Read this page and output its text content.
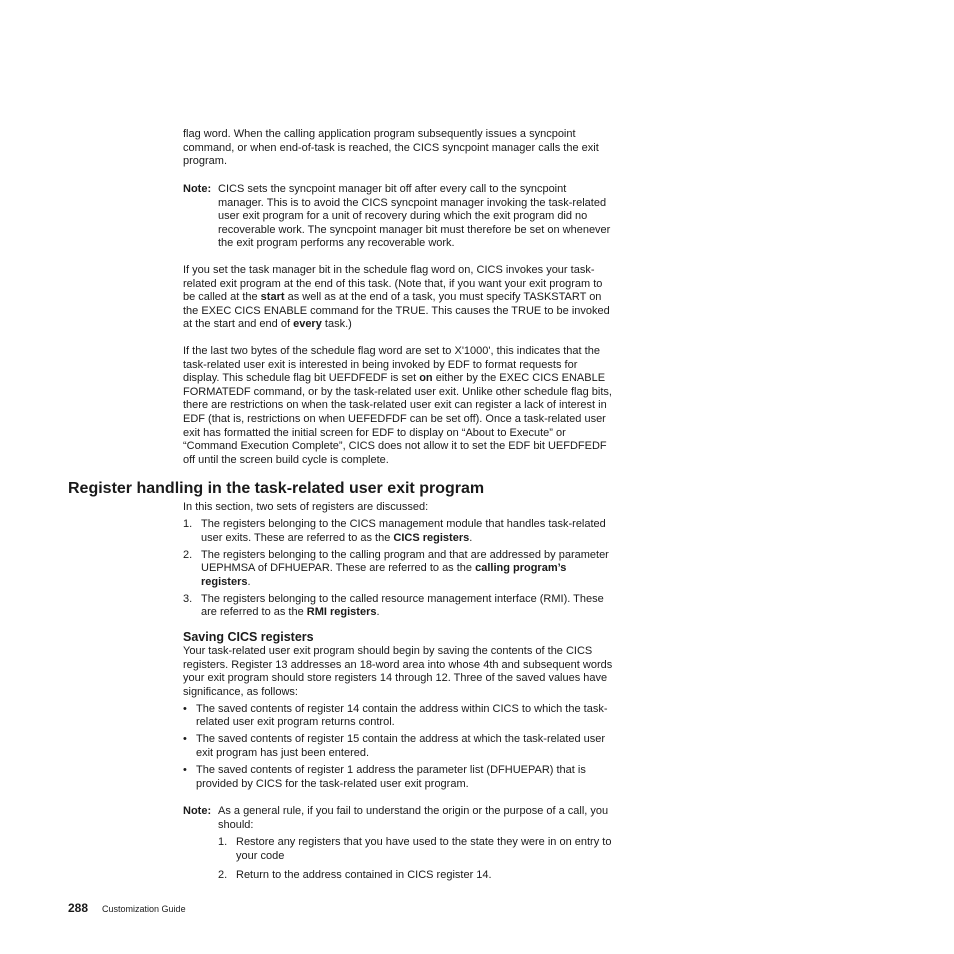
flag word. When the calling application program subsequently issues a syncpoint command, or when end-of-task is reached, the CICS syncpoint manager calls the exit program.

Note: CICS sets the syncpoint manager bit off after every call to the syncpoint manager. This is to avoid the CICS syncpoint manager invoking the task-related user exit program for a unit of recovery during which the exit program did no recoverable work. The syncpoint manager bit must therefore be set on whenever the exit program performs any recoverable work.

If you set the task manager bit in the schedule flag word on, CICS invokes your task-related exit program at the end of this task. (Note that, if you want your exit program to be called at the start as well as at the end of a task, you must specify TASKSTART on the EXEC CICS ENABLE command for the TRUE. This causes the TRUE to be invoked at the start and end of every task.)

If the last two bytes of the schedule flag word are set to X'1000', this indicates that the task-related user exit is interested in being invoked by EDF to format requests for display. This schedule flag bit UEFDFEDF is set on either by the EXEC CICS ENABLE FORMATEDF command, or by the task-related user exit. Unlike other schedule flag bits, there are restrictions on when the task-related user exit can register a lack of interest in EDF (that is, restrictions on when UEFEDFDF can be set off). Once a task-related user exit has formatted the initial screen for EDF to display on “About to Execute” or “Command Execution Complete”, CICS does not allow it to set the EDF bit UEFDFEDF off until the screen build cycle is complete.

Register handling in the task-related user exit program

In this section, two sets of registers are discussed:

1. The registers belonging to the CICS management module that handles task-related user exits. These are referred to as the CICS registers.
2. The registers belonging to the calling program and that are addressed by parameter UEPHMSA of DFHUEPAR. These are referred to as the calling program’s registers.
3. The registers belonging to the called resource management interface (RMI). These are referred to as the RMI registers.
Saving CICS registers

Your task-related user exit program should begin by saving the contents of the CICS registers. Register 13 addresses an 18-word area into whose 4th and subsequent words your exit program should store registers 14 through 12. Three of the saved values have significance, as follows:

• The saved contents of register 14 contain the address within CICS to which the task-related user exit program returns control.
• The saved contents of register 15 contain the address at which the task-related user exit program has just been entered.
• The saved contents of register 1 address the parameter list (DFHUEPAR) that is provided by CICS for the task-related user exit program.
Note: As a general rule, if you fail to understand the origin or the purpose of a call, you should:
1. Restore any registers that you have used to the state they were in on entry to your code
2. Return to the address contained in CICS register 14.
288 Customization Guide
